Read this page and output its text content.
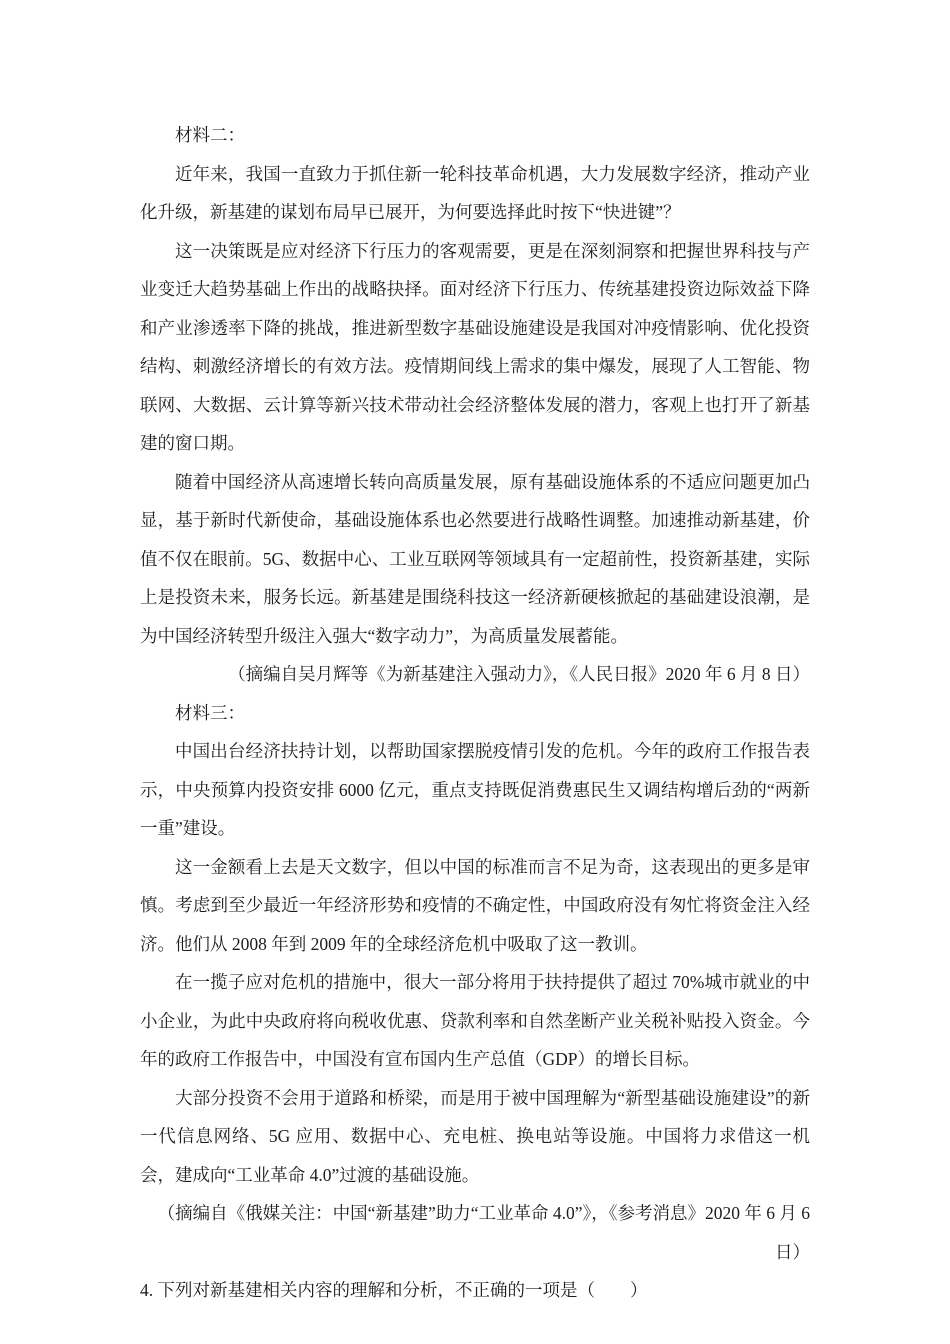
材料二：

近年来，我国一直致力于抓住新一轮科技革命机遇，大力发展数字经济，推动产业化升级，新基建的谋划布局早已展开，为何要选择此时按下“快进键”？

这一决策既是应对经济下行压力的客观需要，更是在深刻洞察和把握世界科技与产业变迁大趋势基础上作出的战略抉择。面对经济下行压力、传统基建投资边际效益下降和产业渗透率下降的挑战，推进新型数字基础设施建设是我国对冲疫情影响、优化投资结构、刺激经济增长的有效方法。疫情期间线上需求的集中爆发，展现了人工智能、物联网、大数据、云计算等新兴技术带动社会经济整体发展的潜力，客观上也打开了新基建的窗口期。

随着中国经济从高速增长转向高质量发展，原有基础设施体系的不适应问题更加凸显，基于新时代新使命，基础设施体系也必然要进行战略性调整。加速推动新基建，价值不仅在眼前。5G、数据中心、工业互联网等领域具有一定超前性，投资新基建，实际上是投资未来，服务长远。新基建是围绕科技这一经济新硬核掀起的基础建设浪潮，是为中国经济转型升级注入强大“数字动力”，为高质量发展蓄能。

（摘编自吴月辉等《为新基建注入强动力》，《人民日报》2020 年 6 月 8 日）

材料三：

中国出台经济扶持计划，以帮助国家摆脱疫情引发的危机。今年的政府工作报告表示，中央预算内投资安排 6000 亿元，重点支持既促消费惠民生又调结构增后劲的“两新一重”建设。

这一金额看上去是天文数字，但以中国的标准而言不足为奇，这表现出的更多是审慎。考虑到至少最近一年经济形势和疫情的不确定性，中国政府没有匆忙将资金注入经济。他们从 2008 年到 2009 年的全球经济危机中吸取了这一教训。

在一揽子应对危机的措施中，很大一部分将用于扶持提供了超过 70%城市就业的中小企业，为此中央政府将向税收优惠、贷款利率和自然垄断产业关税补贴投入资金。今年的政府工作报告中，中国没有宣布国内生产总值（GDP）的增长目标。

大部分投资不会用于道路和桥梁，而是用于被中国理解为“新型基础设施建设”的新一代信息网络、5G 应用、数据中心、充电桩、换电站等设施。中国将力求借这一机会，建成向“工业革命 4.0”过渡的基础设施。

（摘编自《俄媒关注：中国“新基建”助力“工业革命 4.0”》，《参考消息》2020 年 6 月 6 日）

4. 下列对新基建相关内容的理解和分析，不正确的一项是（　　）
